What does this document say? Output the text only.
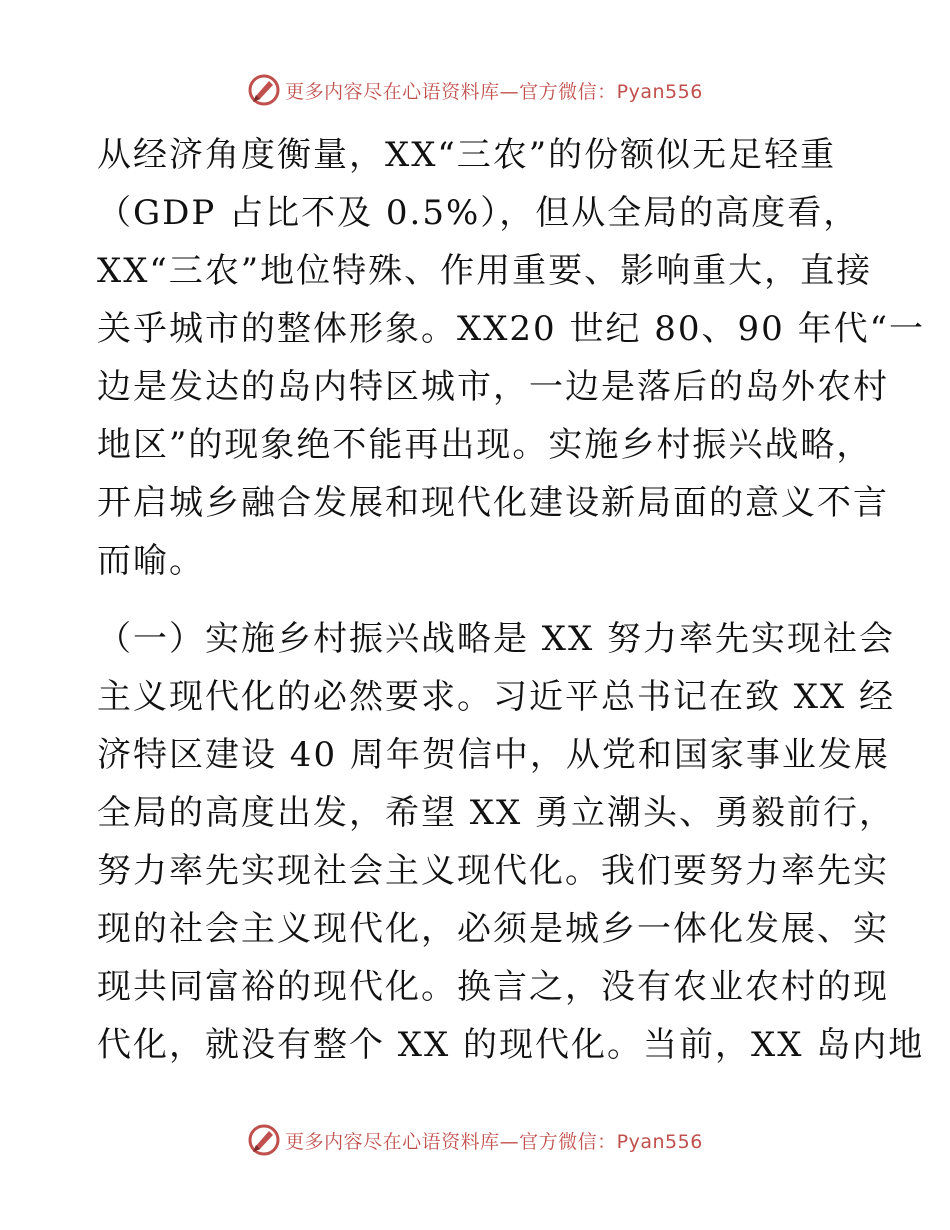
更多内容尽在心语资料库—官方微信：Pyan556

从经济角度衡量，XX“三农”的份额似无足轻重
（GDP 占比不及 0.5%），但从全局的高度看，
XX“三农”地位特殊、作用重要、影响重大，直接
关乎城市的整体形象。XX20 世纪 80、90 年代“一
边是发达的岛内特区城市，一边是落后的岛外农村
地区”的现象绝不能再出现。实施乡村振兴战略，
开启城乡融合发展和现代化建设新局面的意义不言
而喻。

（一）实施乡村振兴战略是 XX 努力率先实现社会
主义现代化的必然要求。习近平总书记在致 XX 经
济特区建设 40 周年贺信中，从党和国家事业发展
全局的高度出发，希望 XX 勇立潮头、勇毅前行，
努力率先实现社会主义现代化。我们要努力率先实
现的社会主义现代化，必须是城乡一体化发展、实
现共同富裕的现代化。换言之，没有农业农村的现
代化，就没有整个 XX 的现代化。当前，XX 岛内地

更多内容尽在心语资料库—官方微信：Pyan556
